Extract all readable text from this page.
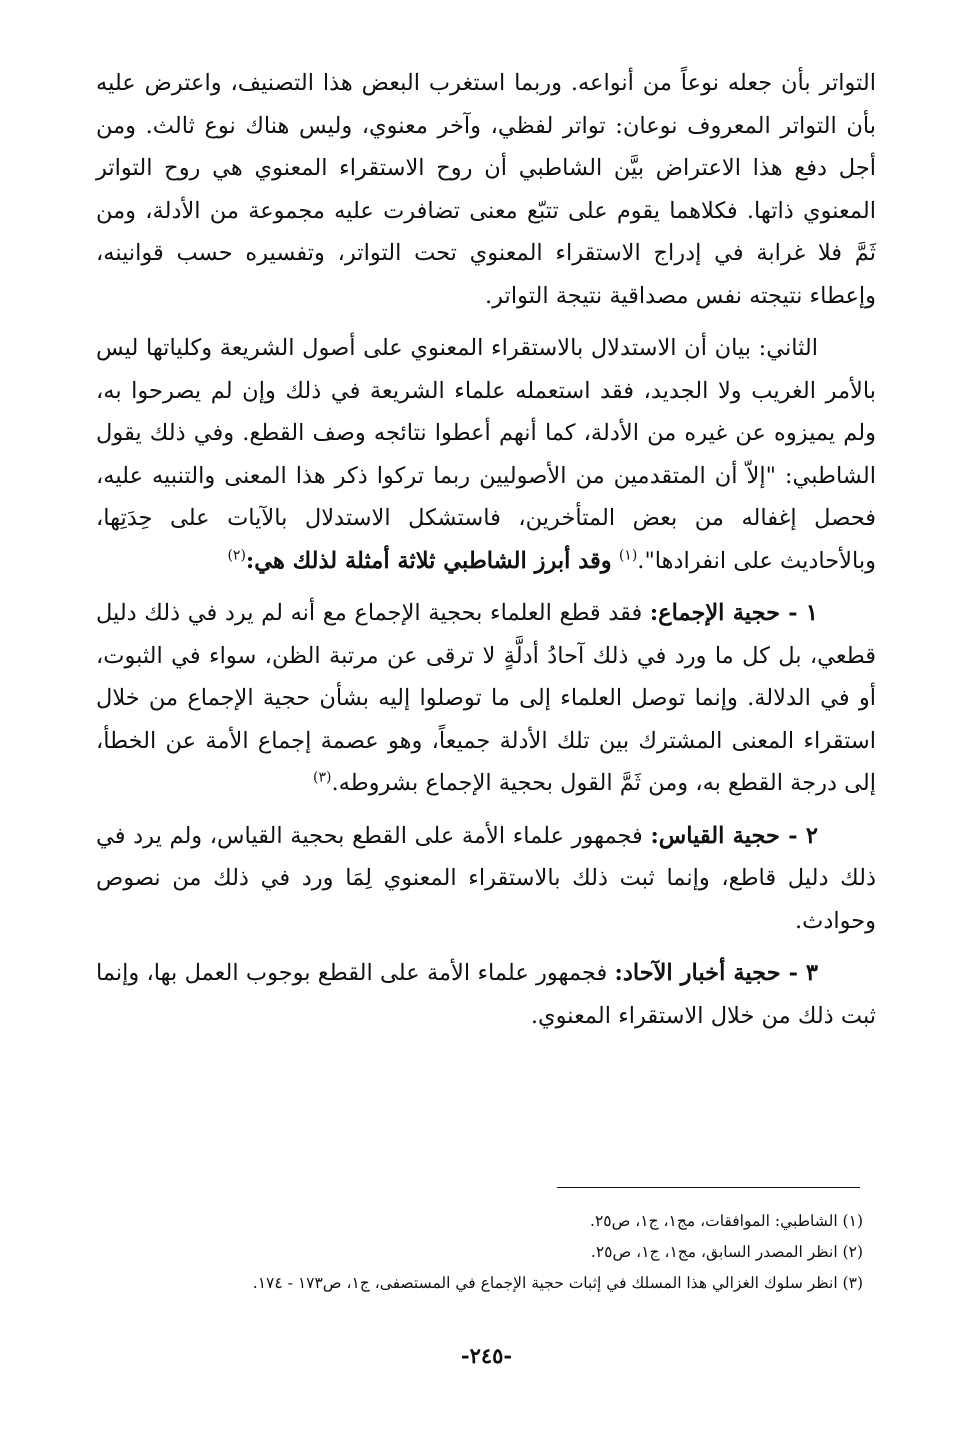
التواتر بأن جعله نوعاً من أنواعه. وربما استغرب البعض هذا التصنيف، واعترض عليه بأن التواتر المعروف نوعان: تواتر لفظي، وآخر معنوي، وليس هناك نوع ثالث. ومن أجل دفع هذا الاعتراض بيَّن الشاطبي أن روح الاستقراء المعنوي هي روح التواتر المعنوي ذاتها. فكلاهما يقوم على تتبّع معنى تضافرت عليه مجموعة من الأدلة، ومن ثَمَّ فلا غرابة في إدراج الاستقراء المعنوي تحت التواتر، وتفسيره حسب قوانينه، وإعطاء نتيجته نفس مصداقية نتيجة التواتر.

الثاني: بيان أن الاستدلال بالاستقراء المعنوي على أصول الشريعة وكلياتها ليس بالأمر الغريب ولا الجديد، فقد استعمله علماء الشريعة في ذلك وإن لم يصرحوا به، ولم يميزوه عن غيره من الأدلة، كما أنهم أعطوا نتائجه وصف القطع. وفي ذلك يقول الشاطبي: "إلاّ أن المتقدمين من الأصوليين ربما تركوا ذكر هذا المعنى والتنبيه عليه، فحصل إغفاله من بعض المتأخرين، فاستشكل الاستدلال بالآيات على حِدَتِها، وبالأحاديث على انفرادها".$^{(١)}$ وقد أبرز الشاطبي ثلاثة أمثلة لذلك هي:$^{(٢)}$

١ - حجية الإجماع: فقد قطع العلماء بحجية الإجماع مع أنه لم يرد في ذلك دليل قطعي، بل كل ما ورد في ذلك آحادُ أدلَّةٍ لا ترقى عن مرتبة الظن، سواء في الثبوت، أو في الدلالة. وإنما توصل العلماء إلى ما توصلوا إليه بشأن حجية الإجماع من خلال استقراء المعنى المشترك بين تلك الأدلة جميعاً، وهو عصمة إجماع الأمة عن الخطأ، إلى درجة القطع به، ومن ثَمَّ القول بحجية الإجماع بشروطه.$^{(٣)}$

٢ - حجية القياس: فجمهور علماء الأمة على القطع بحجية القياس، ولم يرد في ذلك دليل قاطع، وإنما ثبت ذلك بالاستقراء المعنوي لِمَا ورد في ذلك من نصوص وحوادث.

٣ - حجية أخبار الآحاد: فجمهور علماء الأمة على القطع بوجوب العمل بها، وإنما ثبت ذلك من خلال الاستقراء المعنوي.

(١) الشاطبي: الموافقات، مج١، ج١، ص٢٥.
(٢) انظر المصدر السابق، مج١، ج١، ص٢٥.
(٣) انظر سلوك الغزالي هذا المسلك في إثبات حجية الإجماع في المستصفى، ج١، ص١٧٣ - ١٧٤.
-٢٤٥-
